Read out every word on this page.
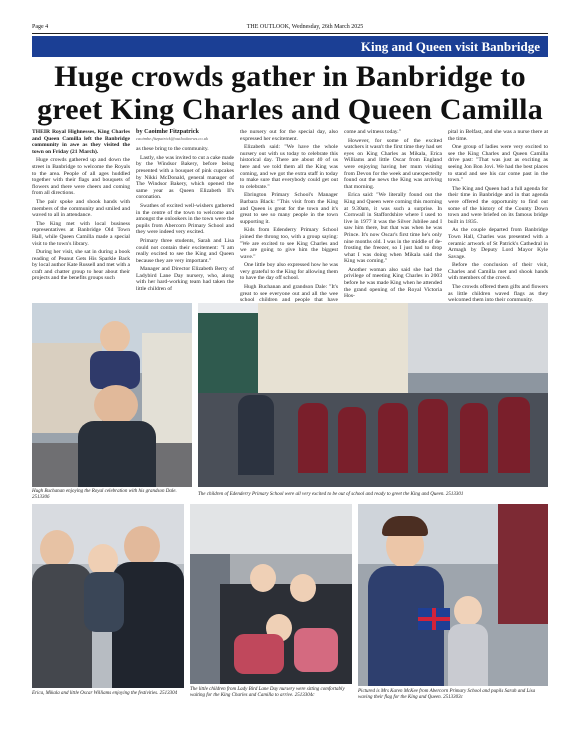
Page 4	THE OUTLOOK, Wednesday, 26th March 2025
King and Queen visit Banbridge
Huge crowds gather in Banbridge to greet King Charles and Queen Camilla

THEIR Royal Highnesses, King Charles and Queen Camilla left the Banbridge community in awe as they visited the town on Friday (21 March).

Huge crowds gathered up and down the street in Banbridge to welcome the Royals to the area. People of all ages huddled together with their flags and bouquets of flowers and there were cheers and coming from all directions.

The pair spoke and shook hands with members of the community and smiled and waved to all in attendance.

The King met with local business representatives at Banbridge Old Town Hall, while Queen Camilla made a special visit to the town's library.

During her visit, she sat in during a book reading of Peanut Gets His Sparkle Back by local author Kate Russell and met with a craft and chatter group to hear about their projects and the benefits groups such

by Caoimhe Fitzpatrick
caoimhe.fitzpatrick@outlooknews.co.uk

as these bring to the community.

Lastly, she was invited to cut a cake made by the Windsor Bakery, before being presented with a bouquet of pink cupcakes by Nikki McDonald, general manager of The Windsor Bakery, which opened the same year as Queen Elizabeth II's coronation.

Swathes of excited well-wishers gathered in the centre of the town to welcome and amongst the onlookers in the town were the pupils from Abercorn Primary School and they were indeed very excited.

Primary three students, Sarah and Lisa could not contain their excitement: "I am really excited to see the King and Queen because they are very important."

Manager and Director Elizabeth Berry of Ladybird Lane Day nursery, who, along with her hard-working team had taken the little children of

the nursery out for the special day, also expressed her excitement.

Elizabeth said: "We have the whole nursery out with us today to celebrate this historical day. There are about 40 of us here and we told them all the King was coming, and we got the extra staff in today to make sure that everybody could get out to celebrate."

Ebrington Primary School's Manager Barbara Black: "This visit from the King and Queen is great for the town and it's great to see so many people in the town supporting it.

Kids from Edenderry Primary School joined the throng too, with a group saying: "We are excited to see King Charles and we are going to give him the biggest wave."

One little boy also expressed how he was very grateful to the King for allowing them to have the day off school.

Hugh Buchanan and grandson Dale: "It's great to see everyone out and all the wee school children and people that have

come and witness today."

However, for some of the excited watchers it wasn't the first time they had set eyes on King Charles as Mikala, Erica Williams and little Oscar from England were enjoying having her mum visiting from Devon for the week and unexpectedly found out the news the King was arriving that morning.

Erica said: "We literally found out the King and Queen were coming this morning at 9.30am, it was such a surprise. In Cornwall in Staffordshire where I used to live in 1977 it was the Silver Jubilee and I saw him there, but that was when he was Prince. It's now Oscar's first time he's only nine months old. I was in the middle of de-frosting the freezer, so I just had to drop what I was doing when Mikala said the King was coming."

Another woman also said she had the privilege of meeting King Charles in 2003 before he was made King when he attended the grand opening of the Royal Victoria Hos-

pital in Belfast, and she was a nurse there at the time.

One group of ladies were very excited to see the King Charles and Queen Camilla drive past: "That was just as exciting as seeing Jon Bon Jovi. We had the best places to stand and see his car come past in the town."

The King and Queen had a full agenda for their time in Banbridge and in that agenda were offered the opportunity to find out some of the history of the County Down town and were briefed on its famous bridge built in 1835.

As the couple departed from Banbridge Town Hall, Charles was presented with a ceramic artwork of St Patrick's Cathedral in Armagh by Deputy Lord Mayor Kyle Savage.

Before the conclusion of their visit, Charles and Camilla met and shook hands with members of the crowd.

The crowds offered them gifts and flowers as little children waved flags as they welcomed them into their community.

Hugh Buchanan enjoying the Royal celebration with his grandson Dale. 2513306
The children of Edenderry Primary School were all very excited to be out of school and ready to greet the King and Queen. 2513301
Erica, Mikala and little Oscar Williams enjoying the festivities. 2513304
The little children from Lady Bird Lane Day nursery were sitting comfortably waiting for the King Charles and Camilla to arrive. 2513304c
Pictured is Mrs Karen McKee from Abercorn Primary School and pupils Sarah and Lisa waving their flag for the King and Queen. 2513303c
